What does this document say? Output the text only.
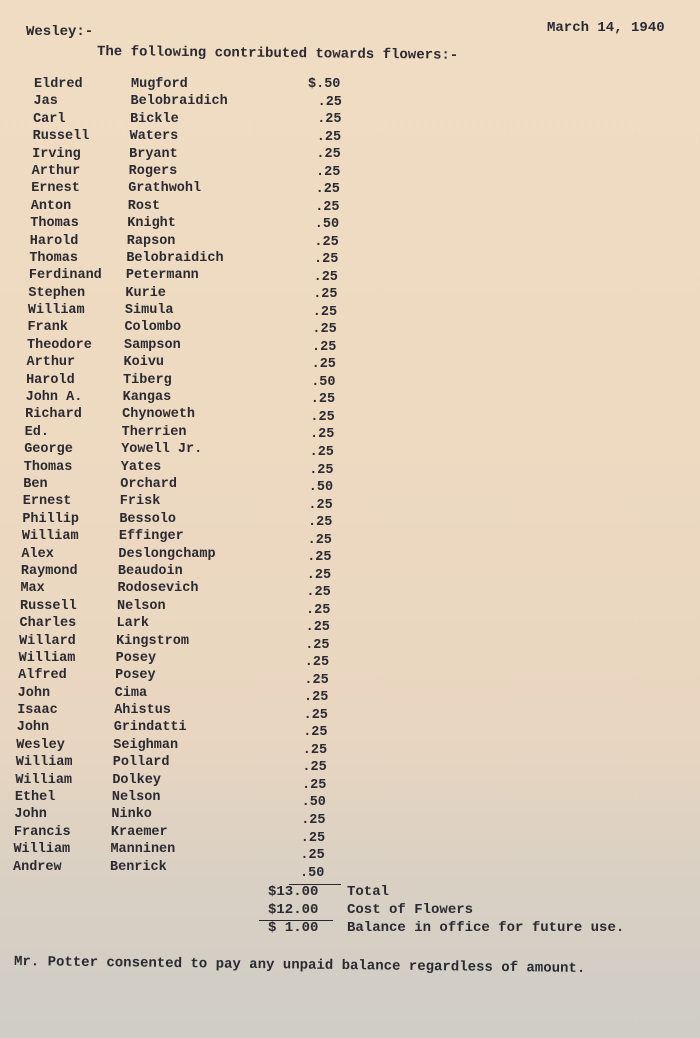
Wesley:-	March 14, 1940
The following contributed towards flowers:-
Eldred	Mugford	$.50
Jas	Belobraidich	.25
Carl	Bickle	.25
Russell	Waters	.25
Irving	Bryant	.25
Arthur	Rogers	.25
Ernest	Grathwohl	.25
Anton	Rost	.25
Thomas	Knight	.50
Harold	Rapson	.25
Thomas	Belobraidich	.25
Ferdinand Petermann	.25
Stephen	Kurie	.25
William	Simula	.25
Frank	Colombo	.25
Theodore Sampson	.25
Arthur	Koivu	.25
Harold	Tiberg	.50
John A.	Kangas	.25
Richard	Chynoweth	.25
Ed.	Therrien	.25
George	Yowell Jr.	.25
Thomas	Yates	.25
Ben	Orchard	.50
Ernest	Frisk	.25
Phillip	Bessolo	.25
William	Effinger	.25
Alex	Deslongchamp	.25
Raymond	Beaudoin	.25
Max	Rodosevich	.25
Russell	Nelson	.25
Charles	Lark	.25
Willard	Kingstrom	.25
William	Posey	.25
Alfred	Posey	.25
John	Cima	.25
Isaac	Ahistus	.25
John	Grindatti	.25
Wesley	Seighman	.25
William	Pollard	.25
William	Dolkey	.25
Ethel	Nelson	.50
John	Ninko	.25
Francis	Kraemer	.25
William	Manninen	.25
Andrew	Benrick	.50
$13.00 Total
$12.00 Cost of Flowers
$ 1.00 Balance in office for future use.
Mr. Potter consented to pay any unpaid balance regardless of amount.
